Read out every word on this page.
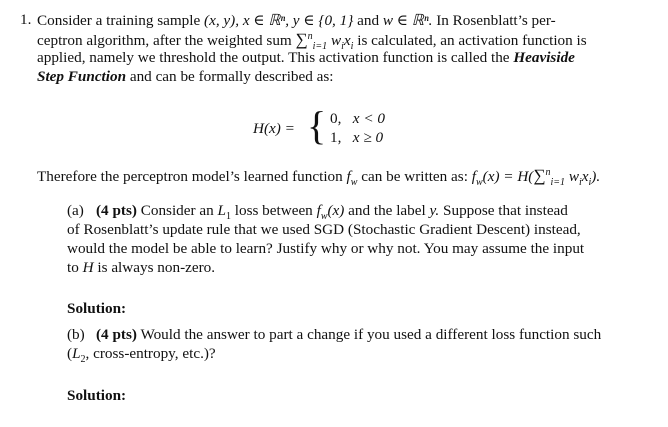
1. Consider a training sample (x, y), x ∈ ℝⁿ, y ∈ {0, 1} and w ∈ ℝⁿ. In Rosenblatt’s per-
ceptron algorithm, after the weighted sum ∑$^n_{i=1}$ $w_ix_i$ is calculated, an activation function is
applied, namely we threshold the output. This activation function is called the Heaviside
Step Function and can be formally described as:
H(x) = { 0, x < 0
1, x ≥ 0
Therefore the perceptron model’s learned function $f_w$ can be written as: $f_w(x) = H(\sum^n_{i=1}$ $w_ix_i$).
(a) (4 pts) Consider an $L_1$ loss between $f_w(x)$ and the label y. Suppose that instead
of Rosenblatt’s update rule that we used SGD (Stochastic Gradient Descent) instead,
would the model be able to learn? Justify why or why not. You may assume the input
to H is always non-zero.
Solution:
(b) (4 pts) Would the answer to part a change if you used a different loss function such
($L_2$, cross-entropy, etc.)?
Solution:
